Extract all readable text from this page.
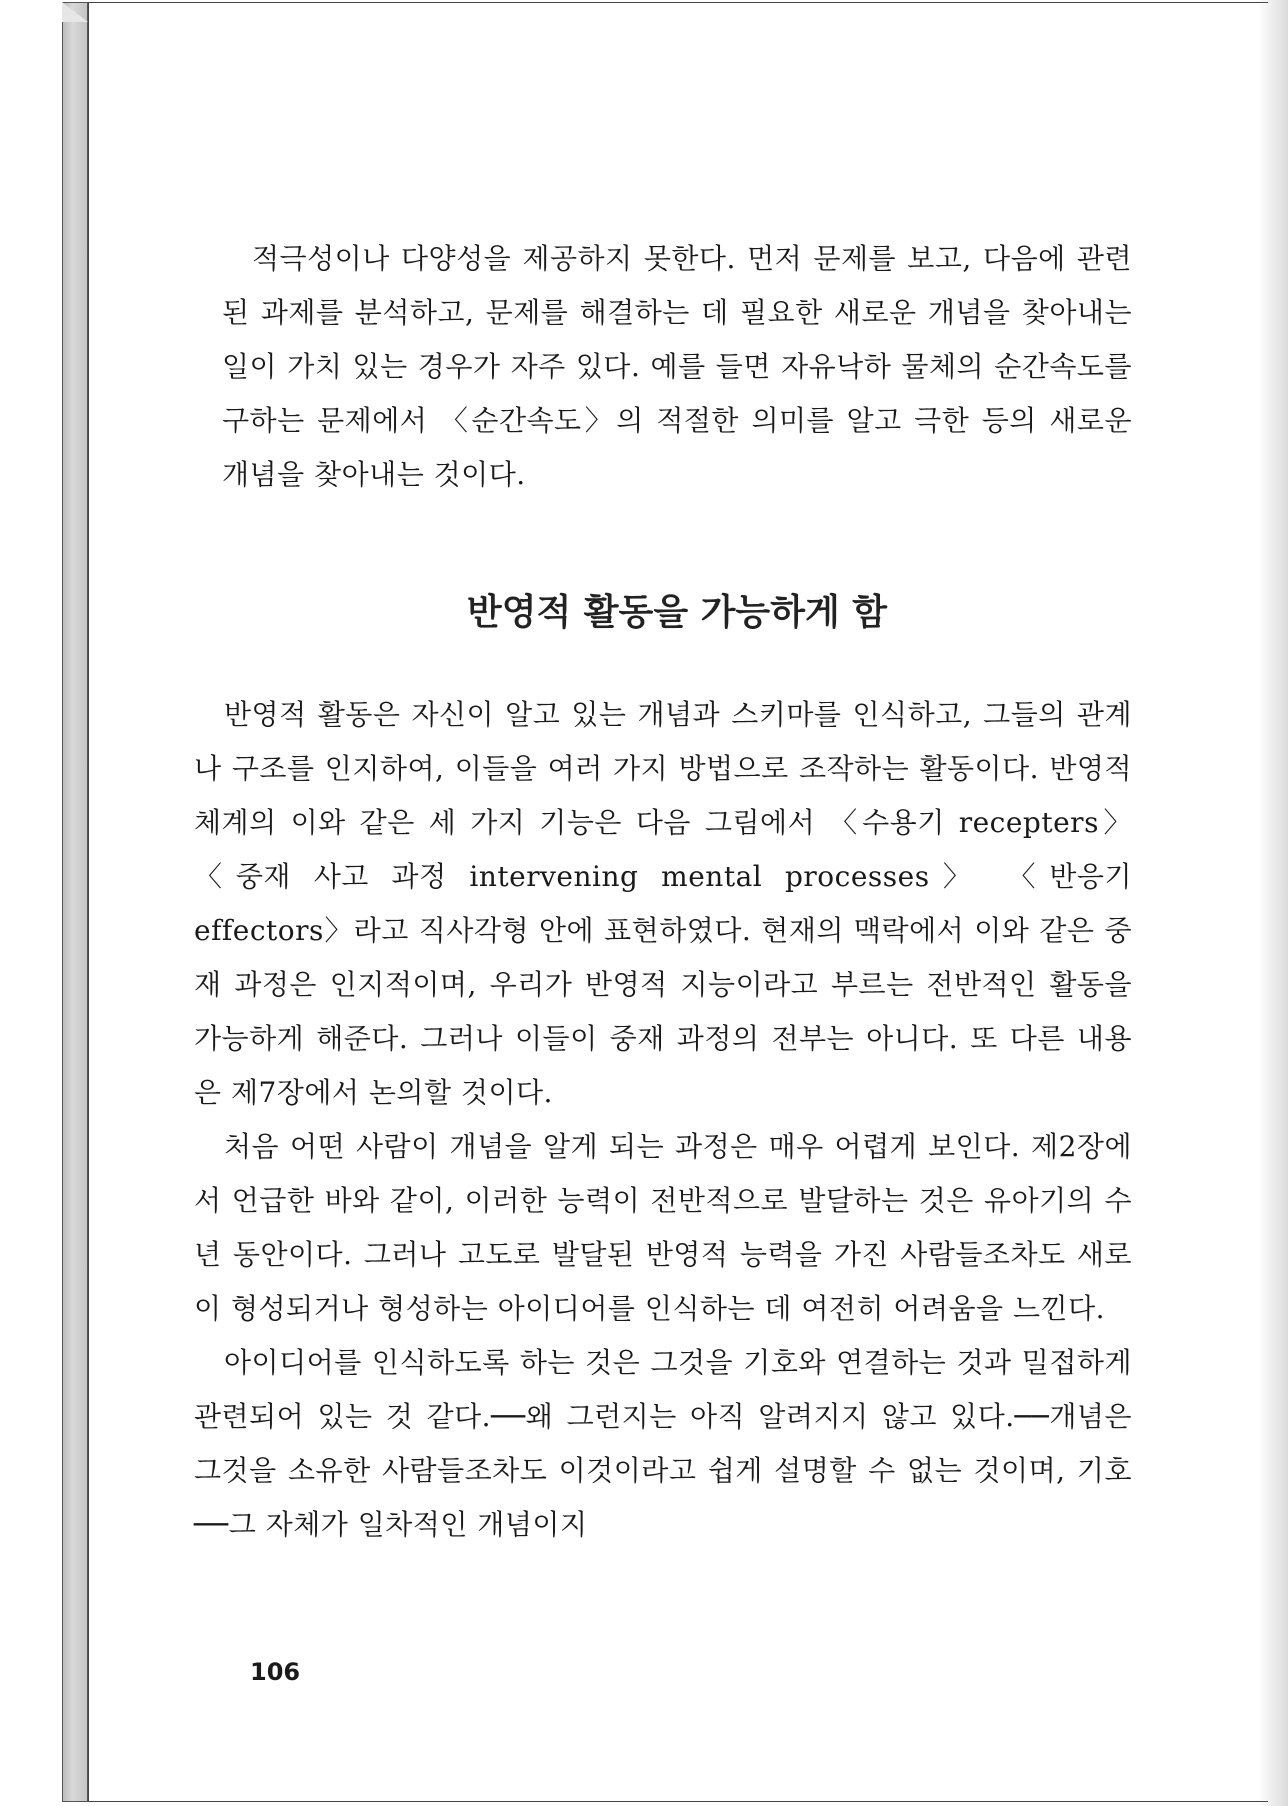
적극성이나 다양성을 제공하지 못한다. 먼저 문제를 보고, 다음에 관련된 과제를 분석하고, 문제를 해결하는 데 필요한 새로운 개념을 찾아내는 일이 가치 있는 경우가 자주 있다. 예를 들면 자유낙하 물체의 순간속도를 구하는 문제에서 〈순간속도〉의 적절한 의미를 알고 극한 등의 새로운 개념을 찾아내는 것이다.

반영적 활동을 가능하게 함

반영적 활동은 자신이 알고 있는 개념과 스키마를 인식하고, 그들의 관계나 구조를 인지하여, 이들을 여러 가지 방법으로 조작하는 활동이다. 반영적 체계의 이와 같은 세 가지 기능은 다음 그림에서 〈수용기 recepters〉 〈중재 사고 과정 intervening mental processes〉 〈반응기 effectors〉라고 직사각형 안에 표현하였다. 현재의 맥락에서 이와 같은 중재 과정은 인지적이며, 우리가 반영적 지능이라고 부르는 전반적인 활동을 가능하게 해준다. 그러나 이들이 중재 과정의 전부는 아니다. 또 다른 내용은 제7장에서 논의할 것이다.

처음 어떤 사람이 개념을 알게 되는 과정은 매우 어렵게 보인다. 제2장에서 언급한 바와 같이, 이러한 능력이 전반적으로 발달하는 것은 유아기의 수 년 동안이다. 그러나 고도로 발달된 반영적 능력을 가진 사람들조차도 새로이 형성되거나 형성하는 아이디어를 인식하는 데 여전히 어려움을 느낀다.

아이디어를 인식하도록 하는 것은 그것을 기호와 연결하는 것과 밀접하게 관련되어 있는 것 같다.──왜 그런지는 아직 알려지지 않고 있다.──개념은 그것을 소유한 사람들조차도 이것이라고 쉽게 설명할 수 없는 것이며, 기호──그 자체가 일차적인 개념이지

106
